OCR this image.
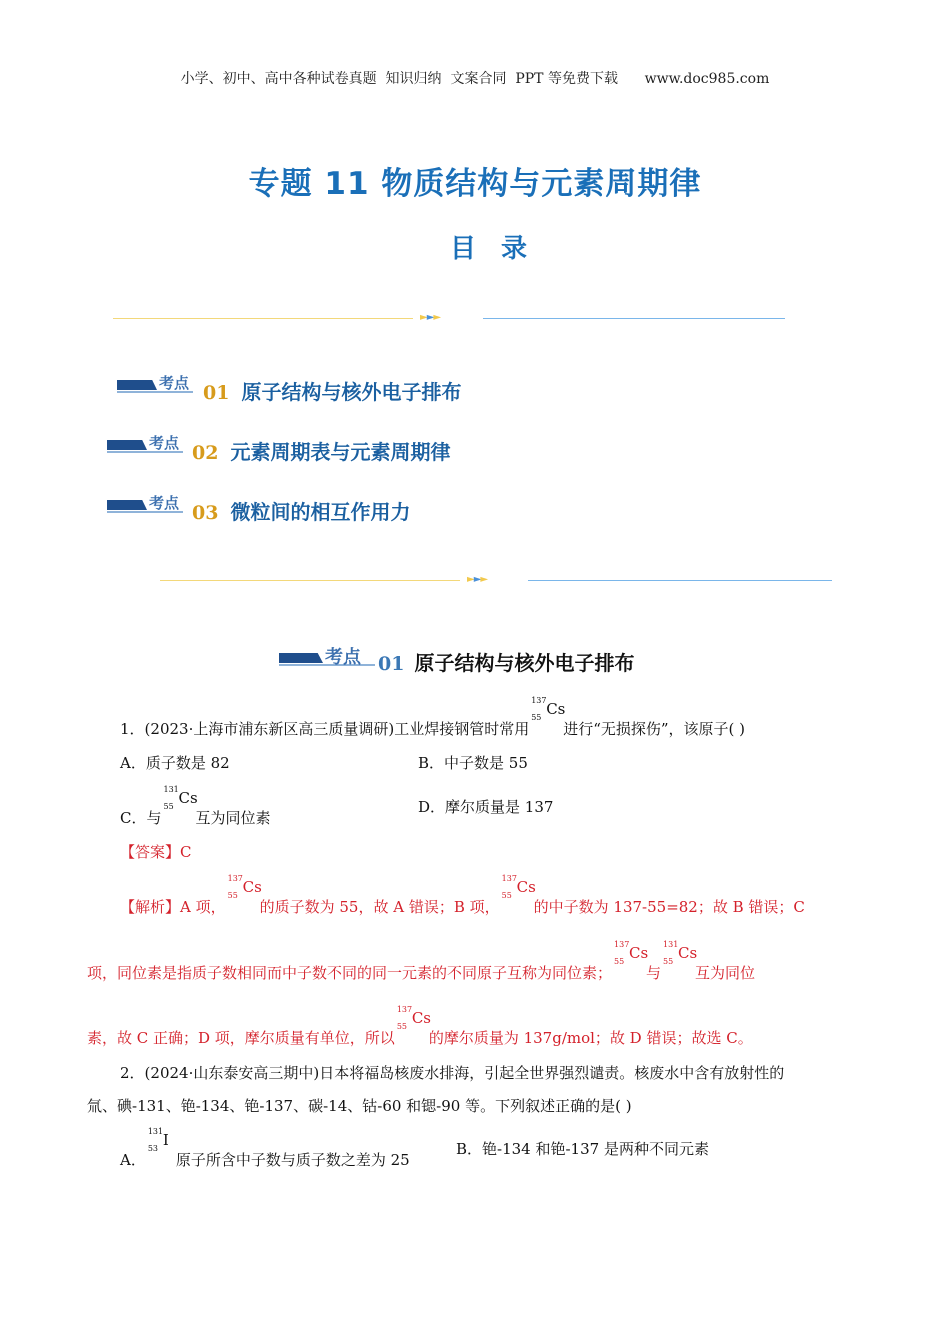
小学、初中、高中各种试卷真题  知识归纳  文案合同  PPT 等免费下载      www.doc985.com
专题 11 物质结构与元素周期律
目 录
►►►
考点 01 原子结构与核外电子排布
考点 02 元素周期表与元素周期律
考点 03 微粒间的相互作用力
►►►
考点 01 原子结构与核外电子排布
1．(2023·上海市浦东新区高三质量调研)工业焊接钢管时常用
137
55 Cs
进行“无损探伤”，该原子( )
A．质子数是 82	B．中子数是 55
C．与
131
55 Cs
互为同位素
D．摩尔质量是 137
【答案】C
【解析】A 项，
137
55 Cs
的质子数为 55，故 A 错误；B 项，
137
55 Cs
的中子数为 137-55=82；故 B 错误；C
项，同位素是指质子数相同而中子数不同的同一元素的不同原子互称为同位素；
137
55 Cs
与
131
55 Cs
互为同位
素，故 C 正确；D 项，摩尔质量有单位，所以
137
55 Cs
的摩尔质量为 137g/mol；故 D 错误；故选 C。
2．(2024·山东泰安高三期中)日本将福岛核废水排海，引起全世界强烈谴责。核废水中含有放射性的
氚、碘-131、铯-134、铯-137、碳-14、钴-60 和锶-90 等。下列叙述正确的是( )
A．
131
53 I
原子所含中子数与质子数之差为 25
B．铯-134 和铯-137 是两种不同元素
